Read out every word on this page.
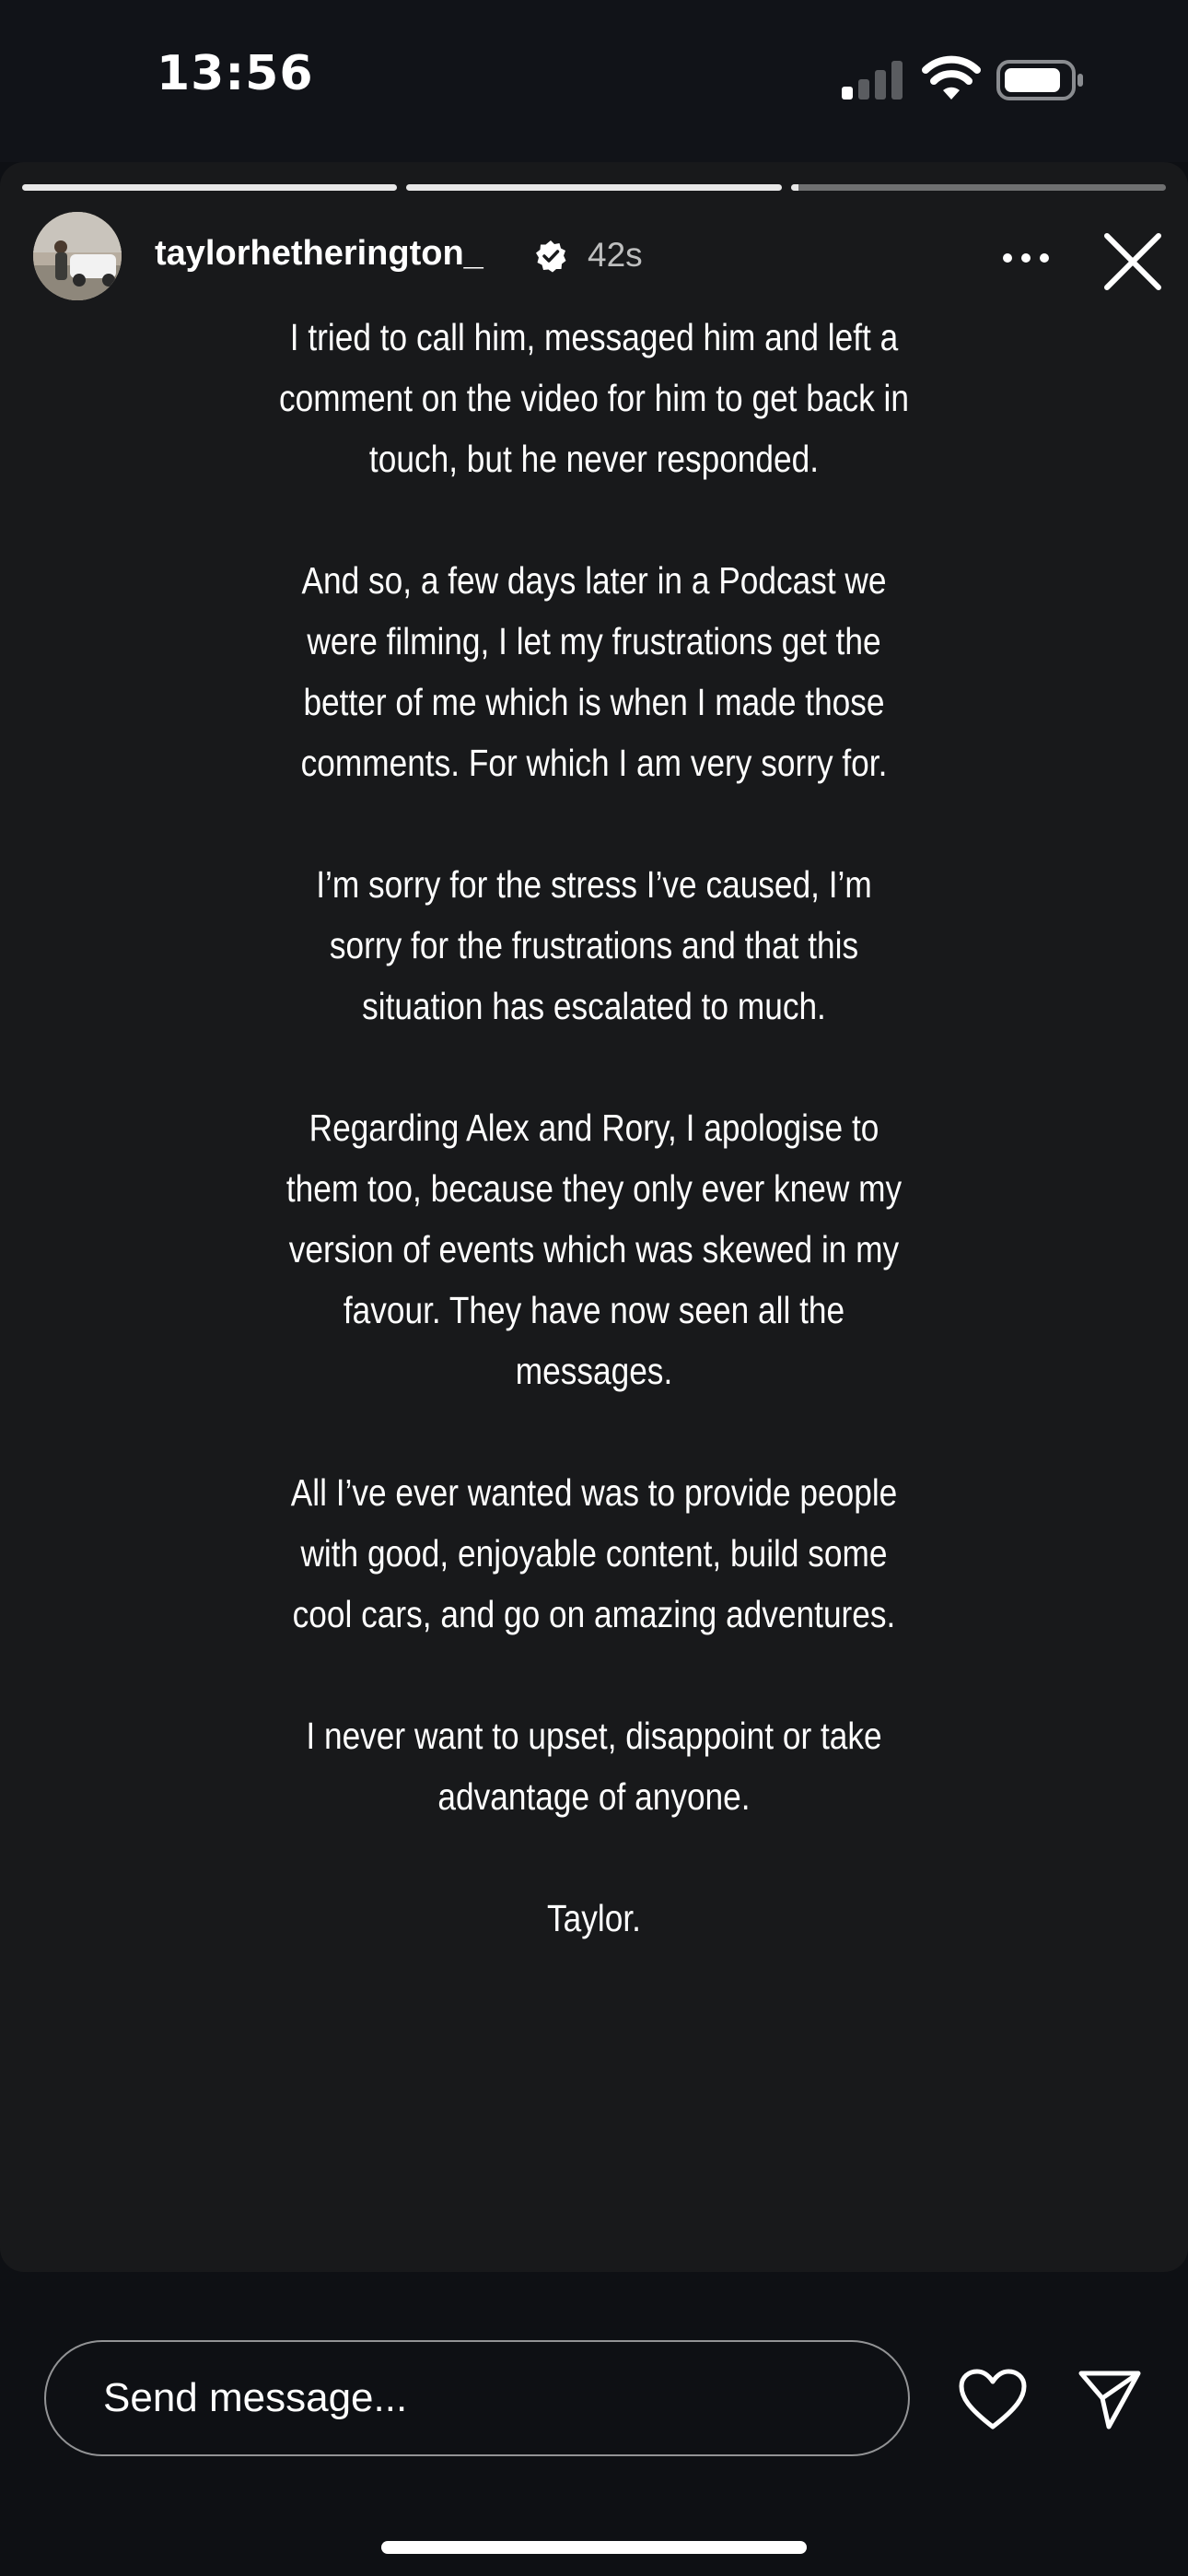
13:56
taylorhetherington_	42s

I tried to call him, messaged him and left a comment on the video for him to get back in touch, but he never responded.

And so, a few days later in a Podcast we were filming, I let my frustrations get the better of me which is when I made those comments. For which I am very sorry for.

I’m sorry for the stress I’ve caused, I’m sorry for the frustrations and that this situation has escalated to much.

Regarding Alex and Rory, I apologise to them too, because they only ever knew my version of events which was skewed in my favour. They have now seen all the messages.

All I’ve ever wanted was to provide people with good, enjoyable content, build some cool cars, and go on amazing adventures.

I never want to upset, disappoint or take advantage of anyone.

Taylor.

Send message...
